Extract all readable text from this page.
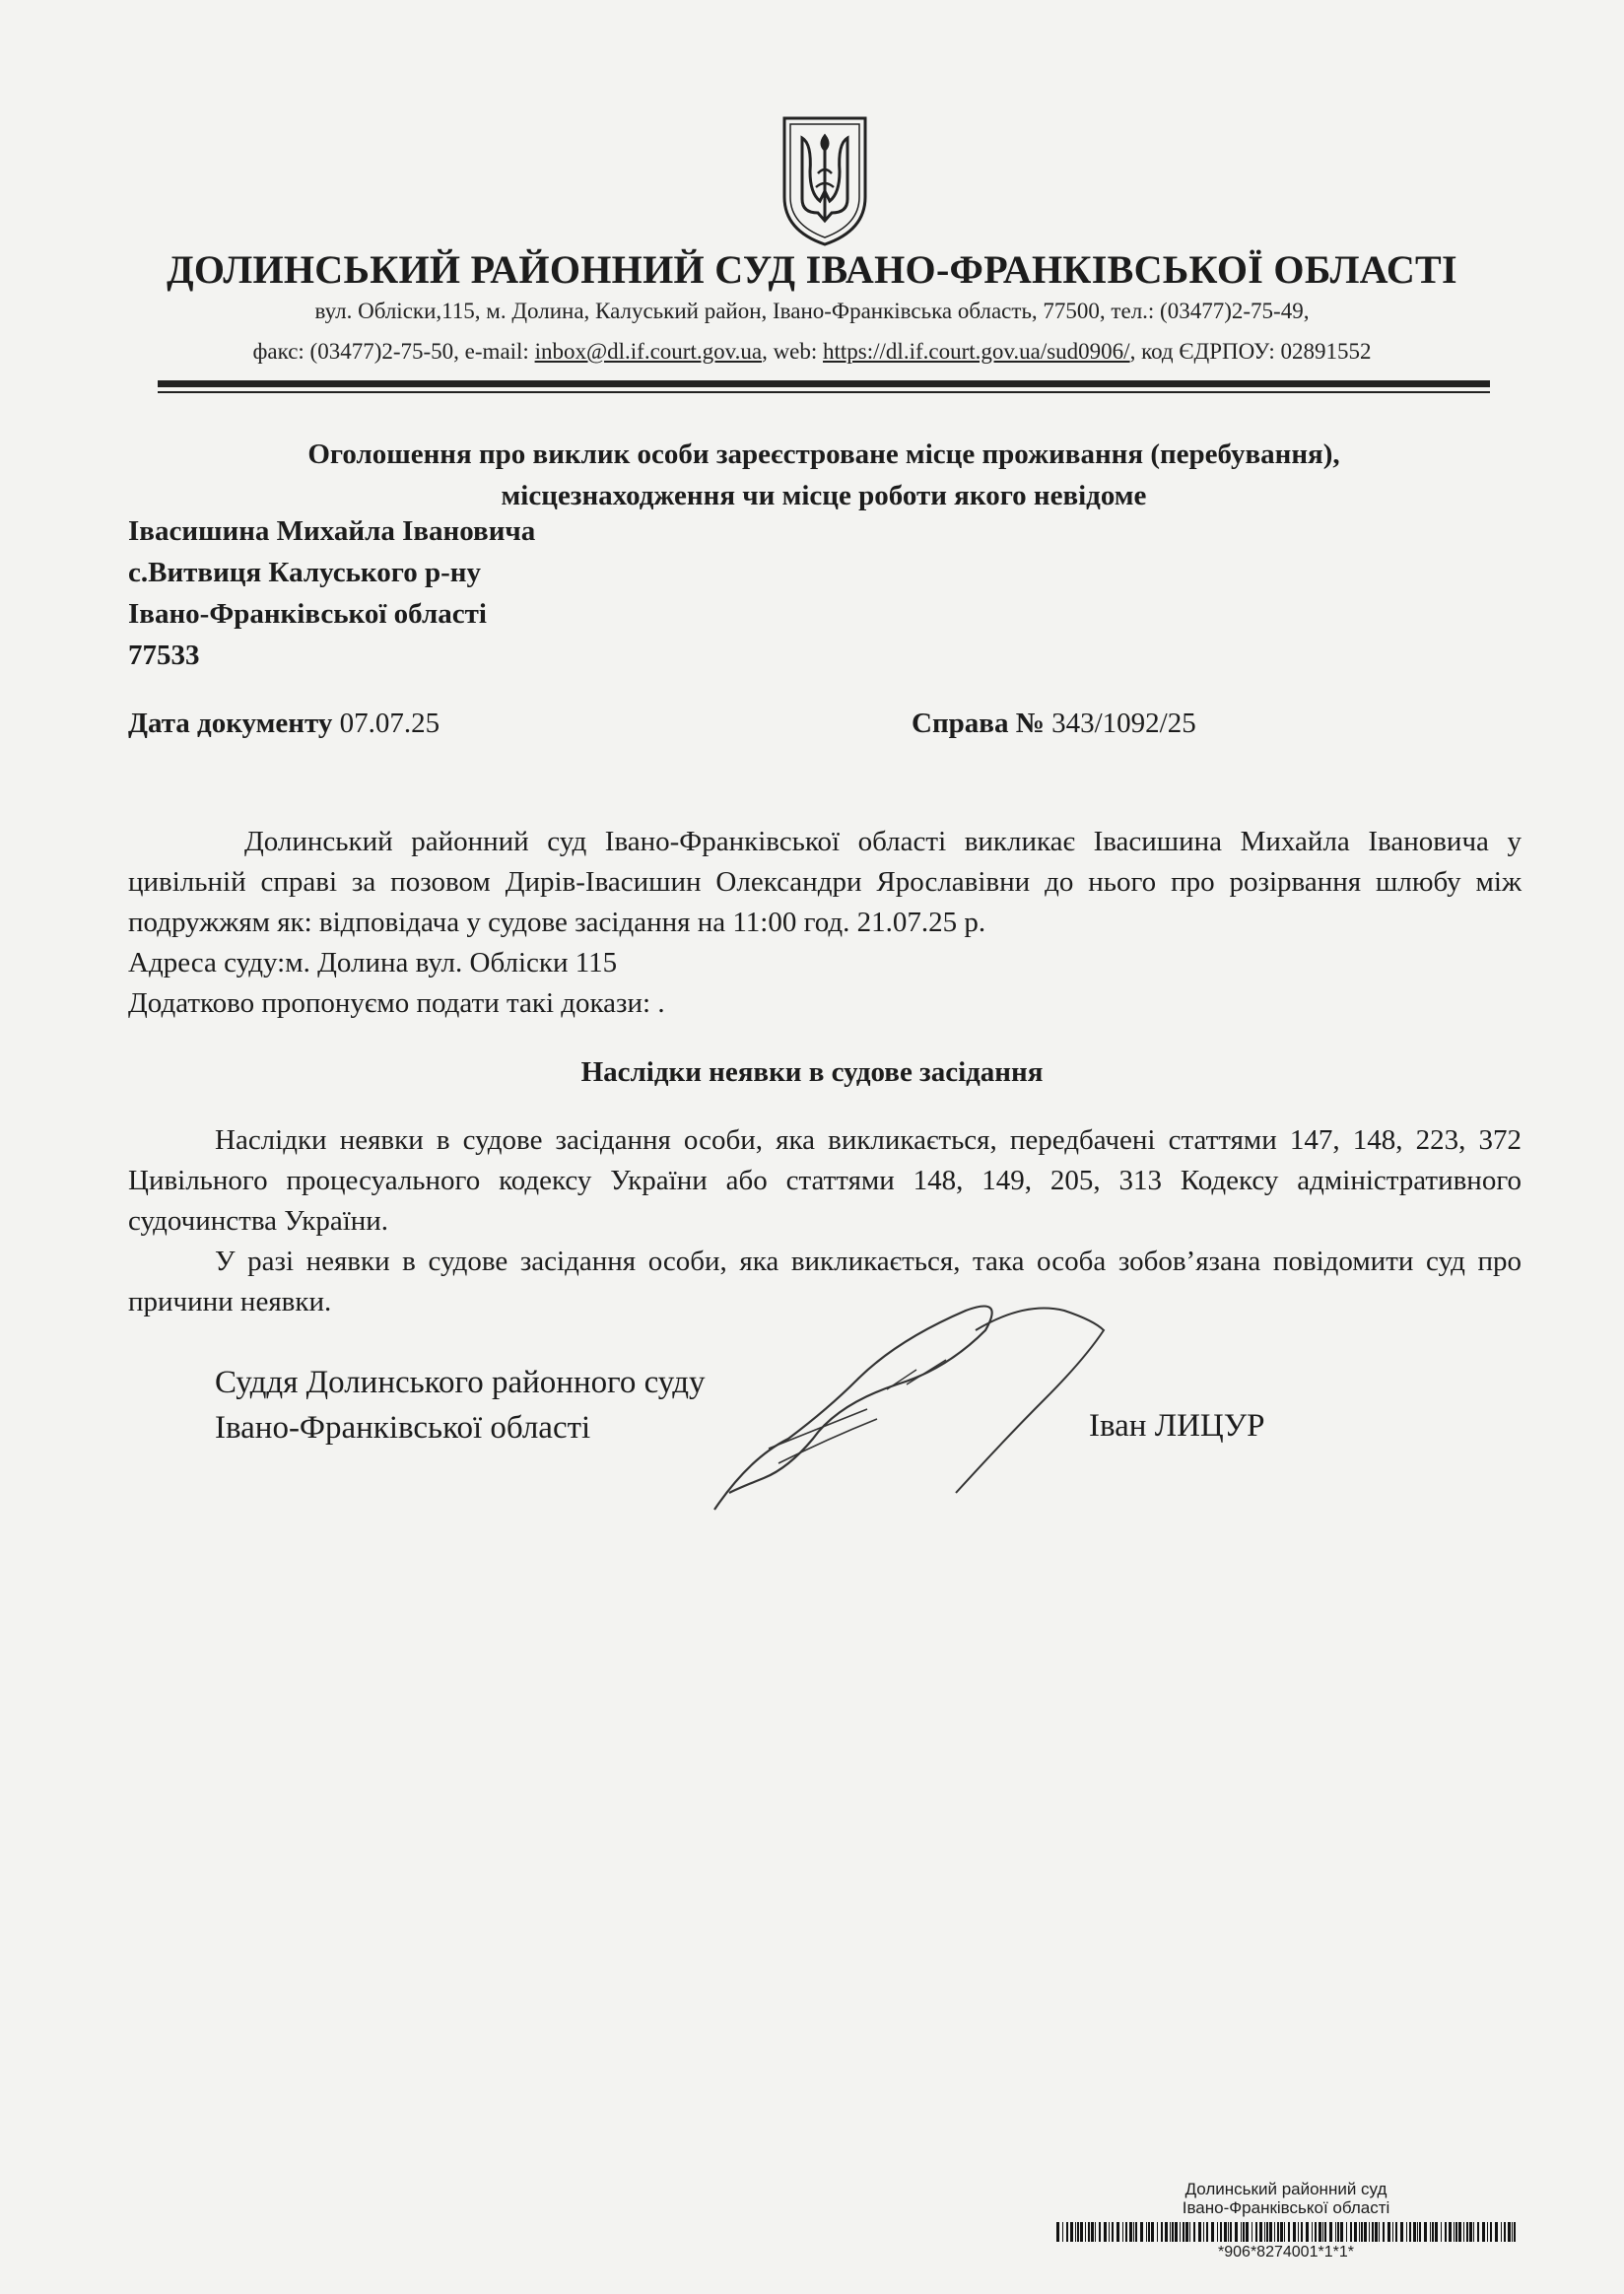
ДОЛИНСЬКИЙ РАЙОННИЙ СУД ІВАНО-ФРАНКІВСЬКОЇ ОБЛАСТІ
вул. Обліски,115, м. Долина, Калуський район, Івано-Франківська область, 77500, тел.: (03477)2-75-49,
факс: (03477)2-75-50, e-mail: inbox@dl.if.court.gov.ua, web: https://dl.if.court.gov.ua/sud0906/, код ЄДРПОУ: 02891552
Оголошення про виклик особи зареєстроване місце проживання (перебування),
місцезнаходження чи місце роботи якого невідоме
Івасишина Михайла Івановича
с.Витвиця Калуського р-ну
Івано-Франківської області
77533
Дата документу 07.07.25	Справа № 343/1092/25
Долинський районний суд Івано-Франківської області викликає Івасишина Михайла Івановича у цивільній справі за позовом Дирів-Івасишин Олександри Ярославівни до нього про розірвання шлюбу між подружжям як: відповідача у судове засідання на 11:00 год. 21.07.25 р.
Адреса суду:м. Долина вул. Обліски 115
Додатково пропонуємо подати такі докази: .
Наслідки неявки в судове засідання
Наслідки неявки в судове засідання особи, яка викликається, передбачені статтями 147, 148, 223, 372 Цивільного процесуального кодексу України або статтями 148, 149, 205, 313 Кодексу адміністративного судочинства України.
У разі неявки в судове засідання особи, яка викликається, така особа зобов’язана повідомити суд про причини неявки.
Суддя Долинського районного суду
Івано-Франківської області	Іван ЛИЦУР
Долинський районний суд
Івано-Франківської області
*906*8274001*1*1*
